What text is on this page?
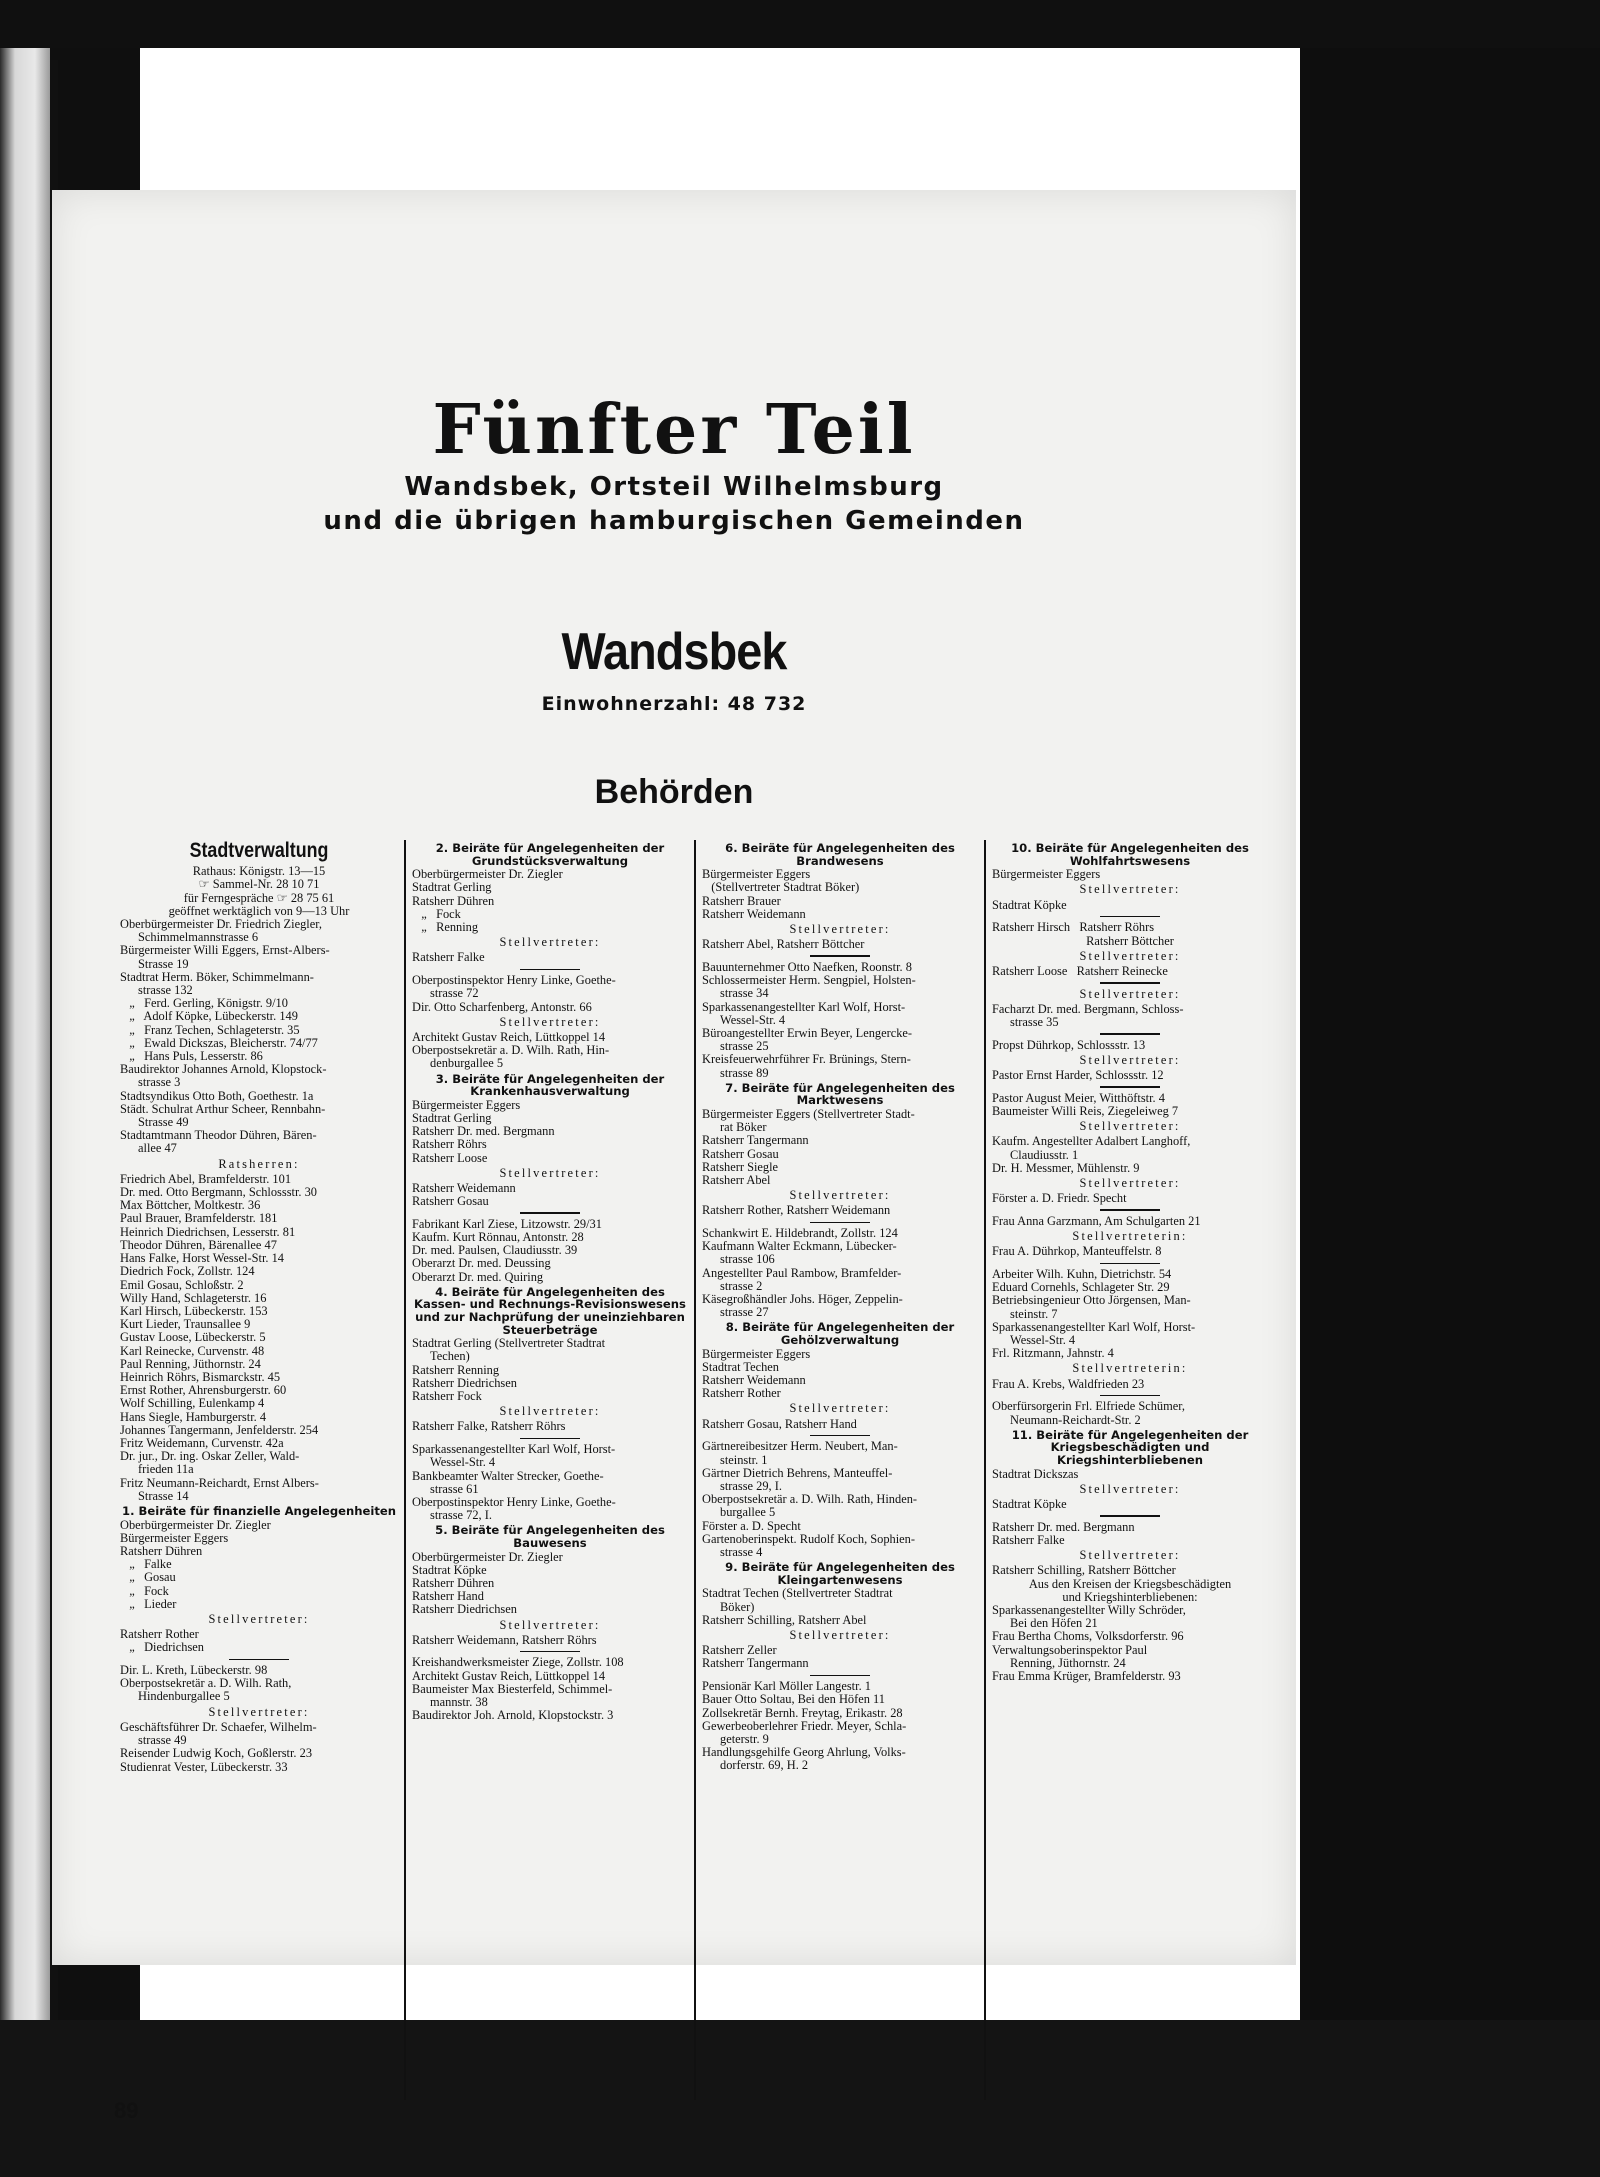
Fünfter Teil

Wandsbek, Ortsteil Wilhelmsburg

und die übrigen hamburgischen Gemeinden

Wandsbek
Einwohnerzahl: 48 732
Behörden
Stadtverwaltung
Rathaus: Königstr. 13—15
☞ Sammel-Nr. 28 10 71
für Ferngespräche ☞ 28 75 61
geöffnet werktäglich von 9—13 Uhr
Oberbürgermeister Dr. Friedrich Ziegler,
Schimmelmannstrasse 6
Bürgermeister Willi Eggers, Ernst-Albers-
Strasse 19
Stadtrat Herm. Böker, Schimmelmann-
strasse 132
„   Ferd. Gerling, Königstr. 9/10
„   Adolf Köpke, Lübeckerstr. 149
„   Franz Techen, Schlageterstr. 35
„   Ewald Dickszas, Bleicherstr. 74/77
„   Hans Puls, Lesserstr. 86
Baudirektor Johannes Arnold, Klopstock-
strasse 3
Stadtsyndikus Otto Both, Goethestr. 1a
Städt. Schulrat Arthur Scheer, Rennbahn-
Strasse 49
Stadtamtmann Theodor Dühren, Bären-
allee 47
Ratsherren:
Friedrich Abel, Bramfelderstr. 101
Dr. med. Otto Bergmann, Schlossstr. 30
Max Böttcher, Moltkestr. 36
Paul Brauer, Bramfelderstr. 181
Heinrich Diedrichsen, Lesserstr. 81
Theodor Dühren, Bärenallee 47
Hans Falke, Horst Wessel-Str. 14
Diedrich Fock, Zollstr. 124
Emil Gosau, Schloßstr. 2
Willy Hand, Schlageterstr. 16
Karl Hirsch, Lübeckerstr. 153
Kurt Lieder, Traunsallee 9
Gustav Loose, Lübeckerstr. 5
Karl Reinecke, Curvenstr. 48
Paul Renning, Jüthornstr. 24
Heinrich Röhrs, Bismarckstr. 45
Ernst Rother, Ahrensburgerstr. 60
Wolf Schilling, Eulenkamp 4
Hans Siegle, Hamburgerstr. 4
Johannes Tangermann, Jenfelderstr. 254
Fritz Weidemann, Curvenstr. 42a
Dr. jur., Dr. ing. Oskar Zeller, Wald-
frieden 11a
Fritz Neumann-Reichardt, Ernst Albers-
Strasse 14
1. Beiräte für finanzielle Angelegenheiten
Oberbürgermeister Dr. Ziegler
Bürgermeister Eggers
Ratsherr Dühren
„   Falke
„   Gosau
„   Fock
„   Lieder
Stellvertreter:
Ratsherr Rother
„   Diedrichsen
Dir. L. Kreth, Lübeckerstr. 98
Oberpostsekretär a. D. Wilh. Rath,
Hindenburgallee 5
Stellvertreter:
Geschäftsführer Dr. Schaefer, Wilhelm-
strasse 49
Reisender Ludwig Koch, Goßlerstr. 23
Studienrat Vester, Lübeckerstr. 33
2. Beiräte für Angelegenheiten der Grundstücksverwaltung
Oberbürgermeister Dr. Ziegler
Stadtrat Gerling
Ratsherr Dühren
„   Fock
„   Renning
Stellvertreter:
Ratsherr Falke
Oberpostinspektor Henry Linke, Goethe-
strasse 72
Dir. Otto Scharfenberg, Antonstr. 66
Stellvertreter:
Architekt Gustav Reich, Lüttkoppel 14
Oberpostsekretär a. D. Wilh. Rath, Hin-
denburgallee 5
3. Beiräte für Angelegenheiten der Krankenhausverwaltung
Bürgermeister Eggers
Stadtrat Gerling
Ratsherr Dr. med. Bergmann
Ratsherr Röhrs
Ratsherr Loose
Stellvertreter:
Ratsherr Weidemann
Ratsherr Gosau
Fabrikant Karl Ziese, Litzowstr. 29/31
Kaufm. Kurt Rönnau, Antonstr. 28
Dr. med. Paulsen, Claudiusstr. 39
Oberarzt Dr. med. Deussing
Oberarzt Dr. med. Quiring
4. Beiräte für Angelegenheiten des Kassen- und Rechnungs-Revisionswesens und zur Nachprüfung der uneinziehbaren Steuerbeträge
Stadtrat Gerling (Stellvertreter Stadtrat
Techen)
Ratsherr Renning
Ratsherr Diedrichsen
Ratsherr Fock
Stellvertreter:
Ratsherr Falke, Ratsherr Röhrs
Sparkassenangestellter Karl Wolf, Horst-
Wessel-Str. 4
Bankbeamter Walter Strecker, Goethe-
strasse 61
Oberpostinspektor Henry Linke, Goethe-
strasse 72, I.
5. Beiräte für Angelegenheiten des Bauwesens
Oberbürgermeister Dr. Ziegler
Stadtrat Köpke
Ratsherr Dühren
Ratsherr Hand
Ratsherr Diedrichsen
Stellvertreter:
Ratsherr Weidemann, Ratsherr Röhrs
Kreishandwerksmeister Ziege, Zollstr. 108
Architekt Gustav Reich, Lüttkoppel 14
Baumeister Max Biesterfeld, Schimmel-
mannstr. 38
Baudirektor Joh. Arnold, Klopstockstr. 3
6. Beiräte für Angelegenheiten des Brandwesens
Bürgermeister Eggers
(Stellvertreter Stadtrat Böker)
Ratsherr Brauer
Ratsherr Weidemann
Stellvertreter:
Ratsherr Abel, Ratsherr Böttcher
Bauunternehmer Otto Naefken, Roonstr. 8
Schlossermeister Herm. Sengpiel, Holsten-
strasse 34
Sparkassenangestellter Karl Wolf, Horst-
Wessel-Str. 4
Büroangestellter Erwin Beyer, Lengercke-
strasse 25
Kreisfeuerwehrführer Fr. Brünings, Stern-
strasse 89
7. Beiräte für Angelegenheiten des Marktwesens
Bürgermeister Eggers (Stellvertreter Stadt-
rat Böker
Ratsherr Tangermann
Ratsherr Gosau
Ratsherr Siegle
Ratsherr Abel
Stellvertreter:
Ratsherr Rother, Ratsherr Weidemann
Schankwirt E. Hildebrandt, Zollstr. 124
Kaufmann Walter Eckmann, Lübecker-
strasse 106
Angestellter Paul Rambow, Bramfelder-
strasse 2
Käsegroßhändler Johs. Höger, Zeppelin-
strasse 27
8. Beiräte für Angelegenheiten der Gehölzverwaltung
Bürgermeister Eggers
Stadtrat Techen
Ratsherr Weidemann
Ratsherr Rother
Stellvertreter:
Ratsherr Gosau, Ratsherr Hand
Gärtnereibesitzer Herm. Neubert, Man-
steinstr. 1
Gärtner Dietrich Behrens, Manteuffel-
strasse 29, I.
Oberpostsekretär a. D. Wilh. Rath, Hinden-
burgallee 5
Förster a. D. Specht
Gartenoberinspekt. Rudolf Koch, Sophien-
strasse 4
9. Beiräte für Angelegenheiten des Kleingartenwesens
Stadtrat Techen (Stellvertreter Stadtrat
Böker)
Ratsherr Schilling, Ratsherr Abel
Stellvertreter:
Ratsherr Zeller
Ratsherr Tangermann
Pensionär Karl Möller Langestr. 1
Bauer Otto Soltau, Bei den Höfen 11
Zollsekretär Bernh. Freytag, Erikastr. 28
Gewerbeoberlehrer Friedr. Meyer, Schla-
geterstr. 9
Handlungsgehilfe Georg Ahrlung, Volks-
dorferstr. 69, H. 2
10. Beiräte für Angelegenheiten des Wohlfahrtswesens
Bürgermeister Eggers
Stellvertreter:
Stadtrat Köpke
Ratsherr Hirsch   Ratsherr Röhrs
Ratsherr Böttcher
Stellvertreter:
Ratsherr Loose   Ratsherr Reinecke
Stellvertreter:
Facharzt Dr. med. Bergmann, Schloss-
strasse 35
Propst Dührkop, Schlossstr. 13
Stellvertreter:
Pastor Ernst Harder, Schlossstr. 12
Pastor August Meier, Witthöftstr. 4
Baumeister Willi Reis, Ziegeleiweg 7
Stellvertreter:
Kaufm. Angestellter Adalbert Langhoff,
Claudiusstr. 1
Dr. H. Messmer, Mühlenstr. 9
Stellvertreter:
Förster a. D. Friedr. Specht
Frau Anna Garzmann, Am Schulgarten 21
Stellvertreterin:
Frau A. Dührkop, Manteuffelstr. 8
Arbeiter Wilh. Kuhn, Dietrichstr. 54
Eduard Cornehls, Schlageter Str. 29
Betriebsingenieur Otto Jörgensen, Man-
steinstr. 7
Sparkassenangestellter Karl Wolf, Horst-
Wessel-Str. 4
Frl. Ritzmann, Jahnstr. 4
Stellvertreterin:
Frau A. Krebs, Waldfrieden 23
Oberfürsorgerin Frl. Elfriede Schümer,
Neumann-Reichardt-Str. 2
11. Beiräte für Angelegenheiten der Kriegsbeschädigten und Kriegshinterbliebenen
Stadtrat Dickszas
Stellvertreter:
Stadtrat Köpke
Ratsherr Dr. med. Bergmann
Ratsherr Falke
Stellvertreter:
Ratsherr Schilling, Ratsherr Böttcher
Aus den Kreisen der Kriegsbeschädigten
und Kriegshinterbliebenen:
Sparkassenangestellter Willy Schröder,
Bei den Höfen 21
Frau Bertha Choms, Volksdorferstr. 96
Verwaltungsoberinspektor Paul
Renning, Jüthornstr. 24
Frau Emma Krüger, Bramfelderstr. 93
89
